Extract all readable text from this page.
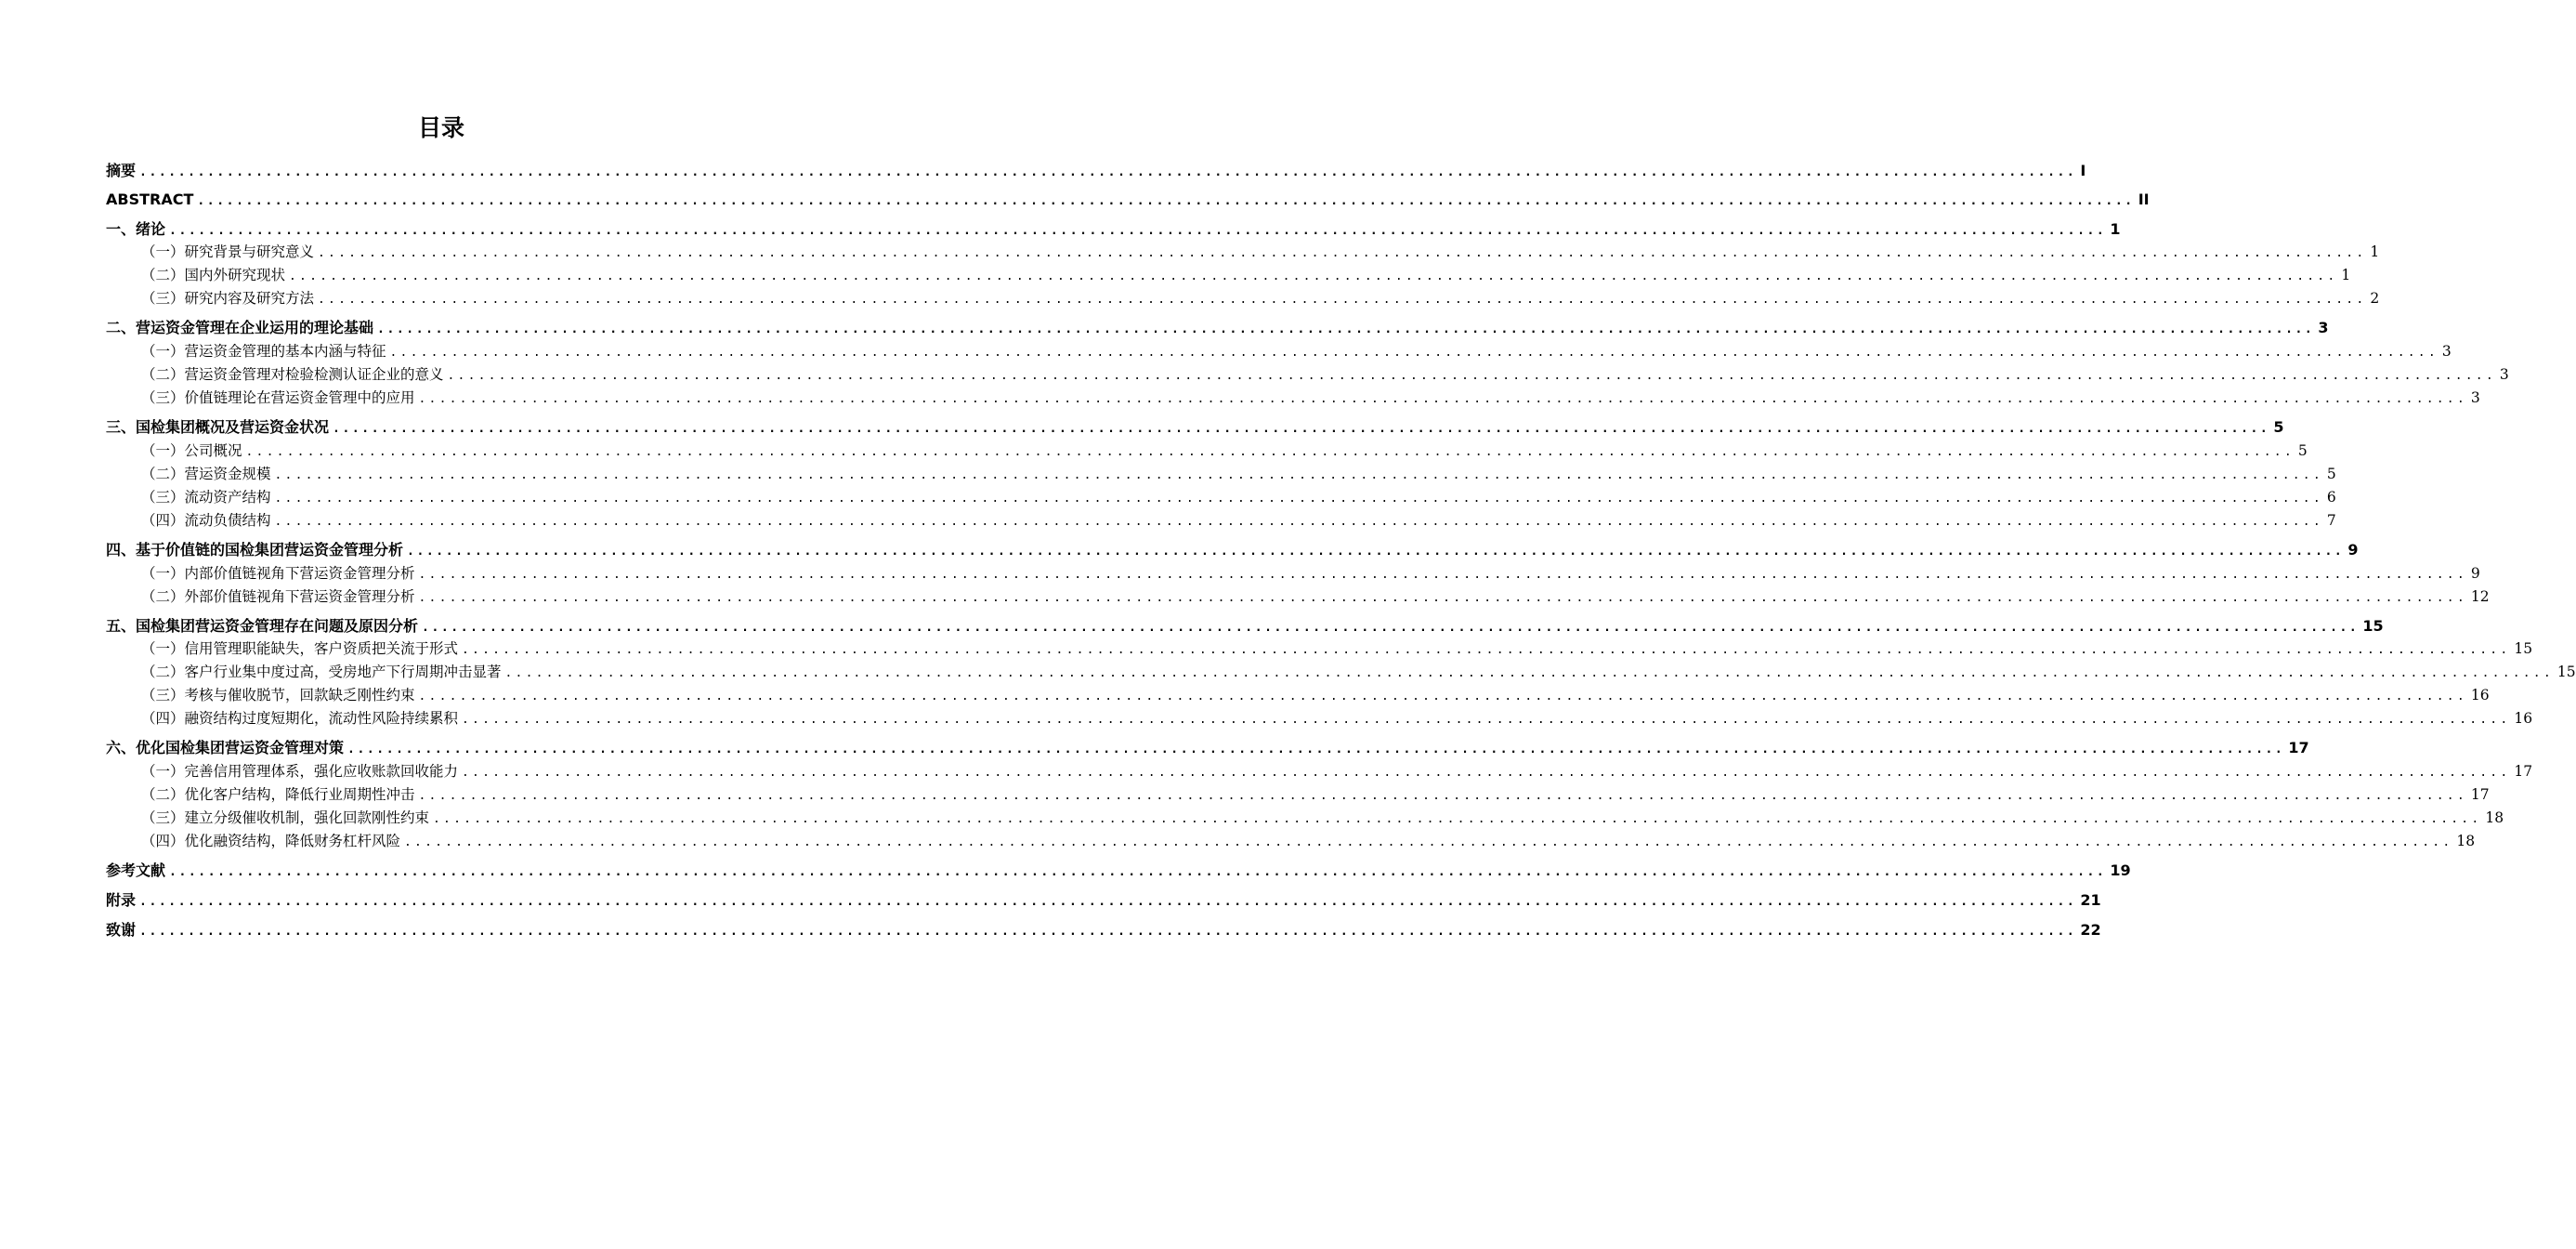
目录
摘要 ........................................................................................................................................................................................................ I
ABSTRACT ........................................................................................................................................................................................................ II
一、绪论 ........................................................................................................................................................................................................ 1
（一）研究背景与研究意义 ........................................................................................................................................................................................................ 1
（二）国内外研究现状 ........................................................................................................................................................................................................ 1
（三）研究内容及研究方法 ........................................................................................................................................................................................................ 2
二、营运资金管理在企业运用的理论基础 ........................................................................................................................................................................................................ 3
（一）营运资金管理的基本内涵与特征 ........................................................................................................................................................................................................ 3
（二）营运资金管理对检验检测认证企业的意义 ........................................................................................................................................................................................................ 3
（三）价值链理论在营运资金管理中的应用 ........................................................................................................................................................................................................ 3
三、国检集团概况及营运资金状况 ........................................................................................................................................................................................................ 5
（一）公司概况 ........................................................................................................................................................................................................ 5
（二）营运资金规模 ........................................................................................................................................................................................................ 5
（三）流动资产结构 ........................................................................................................................................................................................................ 6
（四）流动负债结构 ........................................................................................................................................................................................................ 7
四、基于价值链的国检集团营运资金管理分析 ........................................................................................................................................................................................................ 9
（一）内部价值链视角下营运资金管理分析 ........................................................................................................................................................................................................ 9
（二）外部价值链视角下营运资金管理分析 ........................................................................................................................................................................................................ 12
五、国检集团营运资金管理存在问题及原因分析 ........................................................................................................................................................................................................ 15
（一）信用管理职能缺失，客户资质把关流于形式 ........................................................................................................................................................................................................ 15
（二）客户行业集中度过高，受房地产下行周期冲击显著 ........................................................................................................................................................................................................ 15
（三）考核与催收脱节，回款缺乏刚性约束 ........................................................................................................................................................................................................ 16
（四）融资结构过度短期化，流动性风险持续累积 ........................................................................................................................................................................................................ 16
六、优化国检集团营运资金管理对策 ........................................................................................................................................................................................................ 17
（一）完善信用管理体系，强化应收账款回收能力 ........................................................................................................................................................................................................ 17
（二）优化客户结构，降低行业周期性冲击 ........................................................................................................................................................................................................ 17
（三）建立分级催收机制，强化回款刚性约束 ........................................................................................................................................................................................................ 18
（四）优化融资结构，降低财务杠杆风险 ........................................................................................................................................................................................................ 18
参考文献 ........................................................................................................................................................................................................ 19
附录 ........................................................................................................................................................................................................ 21
致谢 ........................................................................................................................................................................................................ 22
